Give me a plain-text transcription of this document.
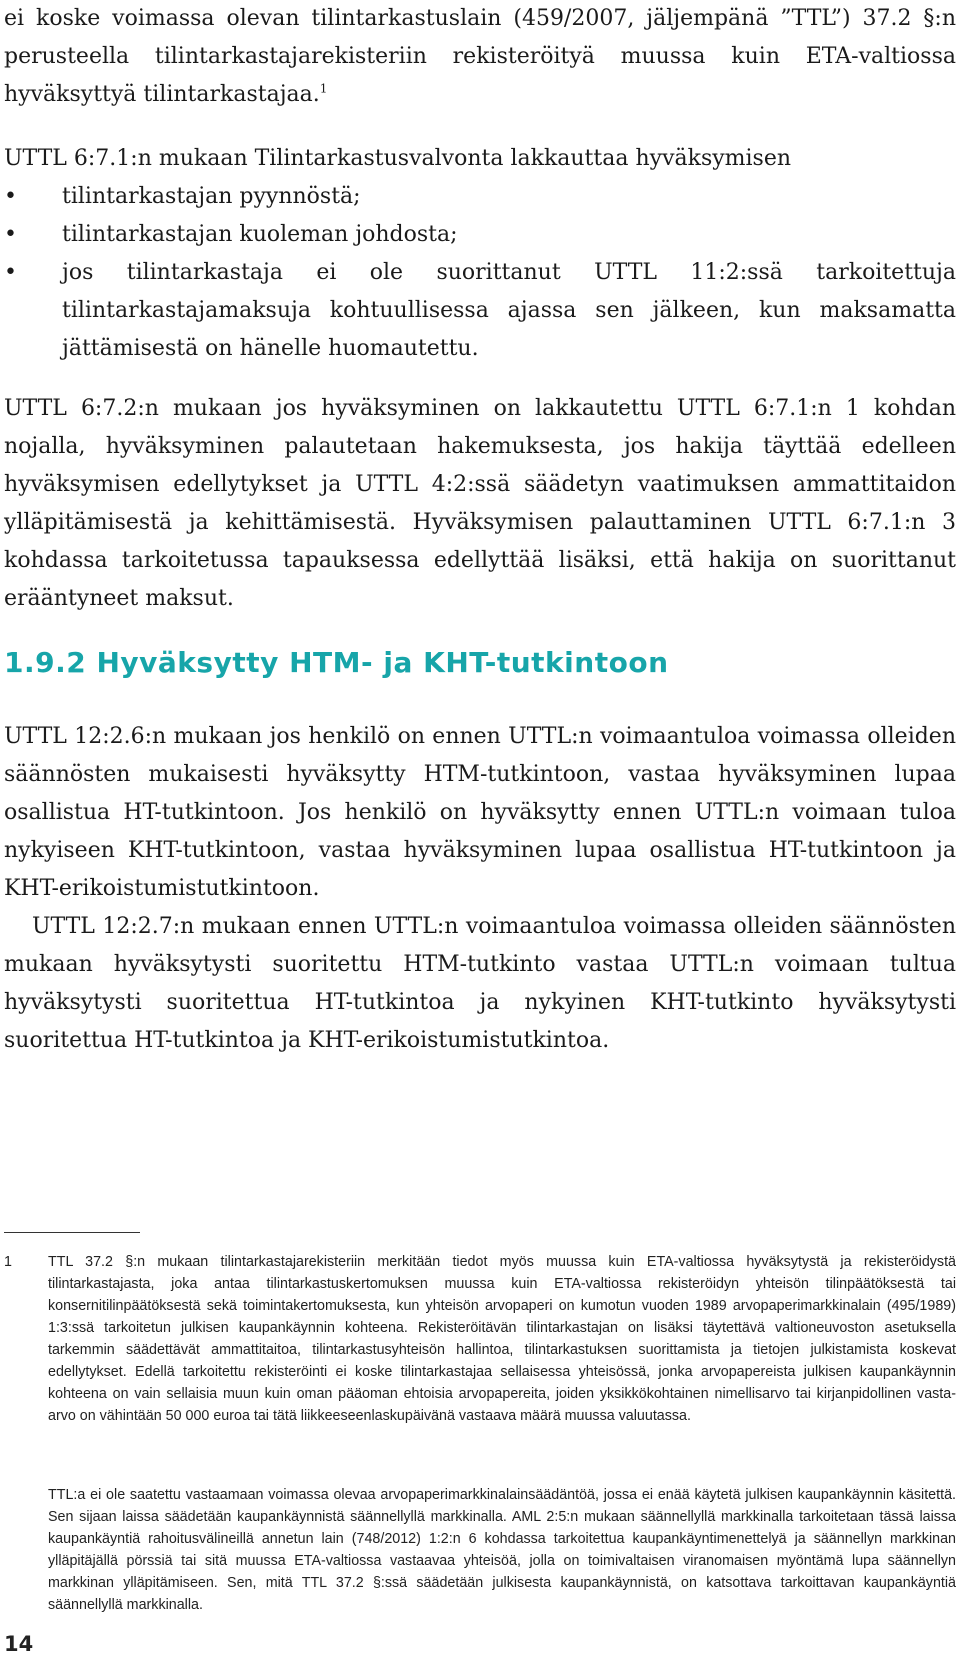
ei koske voimassa olevan tilintarkastuslain (459/2007, jäljempänä ”TTL”) 37.2 §:n perusteella tilintarkastajarekisteriin rekisteröityä muussa kuin ETA-valtiossa hyväksyttyä tilintarkastajaa.$^1$

UTTL 6:7.1:n mukaan Tilintarkastusvalvonta lakkauttaa hyväksymisen

•	tilintarkastajan pyynnöstä;
•	tilintarkastajan kuoleman johdosta;
•	jos tilintarkastaja ei ole suorittanut UTTL 11:2:ssä tarkoitettuja tilintarkastajamaksuja kohtuullisessa ajassa sen jälkeen, kun maksamatta jättämisestä on hänelle huomautettu.

UTTL 6:7.2:n mukaan jos hyväksyminen on lakkautettu UTTL 6:7.1:n 1 kohdan nojalla, hyväksyminen palautetaan hakemuksesta, jos hakija täyttää edelleen hyväksymisen edellytykset ja UTTL 4:2:ssä säädetyn vaatimuksen ammattitaidon ylläpitämisestä ja kehittämisestä. Hyväksymisen palauttaminen UTTL 6:7.1:n 3 kohdassa tarkoitetussa tapauksessa edellyttää lisäksi, että hakija on suorittanut erääntyneet maksut.

1.9.2 Hyväksytty HTM- ja KHT-tutkintoon

UTTL 12:2.6:n mukaan jos henkilö on ennen UTTL:n voimaantuloa voimassa olleiden säännösten mukaisesti hyväksytty HTM-tutkintoon, vastaa hyväksyminen lupaa osallistua HT-tutkintoon. Jos henkilö on hyväksytty ennen UTTL:n voimaan tuloa nykyiseen KHT-tutkintoon, vastaa hyväksyminen lupaa osallistua HT-tutkintoon ja KHT-erikoistumistutkintoon.

UTTL 12:2.7:n mukaan ennen UTTL:n voimaantuloa voimassa olleiden säännösten mukaan hyväksytysti suoritettu HTM-tutkinto vastaa UTTL:n voimaan tultua hyväksytysti suoritettua HT-tutkintoa ja nykyinen KHT-tutkinto hyväksytysti suoritettua HT-tutkintoa ja KHT-erikoistumistutkintoa.

1	TTL 37.2 §:n mukaan tilintarkastajarekisteriin merkitään tiedot myös muussa kuin ETA-valtiossa hyväksytystä ja rekisteröidystä tilintarkastajasta, joka antaa tilintarkastuskertomuksen muussa kuin ETA-valtiossa rekisteröidyn yhteisön tilinpäätöksestä tai konsernitilinpäätöksestä sekä toimintakertomuksesta, kun yhteisön arvopaperi on kumotun vuoden 1989 arvopaperimarkkinalain (495/1989) 1:3:ssä tarkoitetun julkisen kaupankäynnin kohteena. Rekisteröitävän tilintarkastajan on lisäksi täytettävä valtioneuvoston asetuksella tarkemmin säädettävät ammattitaitoa, tilintarkastusyhteisön hallintoa, tilintarkastuksen suorittamista ja tietojen julkistamista koskevat edellytykset. Edellä tarkoitettu rekisteröinti ei koske tilintarkastajaa sellaisessa yhteisössä, jonka arvopapereista julkisen kaupankäynnin kohteena on vain sellaisia muun kuin oman pääoman ehtoisia arvopapereita, joiden yksikkökohtainen nimellisarvo tai kirjanpidollinen vasta-arvo on vähintään 50 000 euroa tai tätä liikkeeseenlaskupäivänä vastaava määrä muussa valuutassa.

TTL:a ei ole saatettu vastaamaan voimassa olevaa arvopaperimarkkinalainsäädäntöä, jossa ei enää käytetä julkisen kaupankäynnin käsitettä. Sen sijaan laissa säädetään kaupankäynnistä säännellyllä markkinalla. AML 2:5:n mukaan säännellyllä markkinalla tarkoitetaan tässä laissa kaupankäyntiä rahoitusvälineillä annetun lain (748/2012) 1:2:n 6 kohdassa tarkoitettua kaupankäyntimenettelyä ja säännellyn markkinan ylläpitäjällä pörssiä tai sitä muussa ETA-valtiossa vastaavaa yhteisöä, jolla on toimivaltaisen viranomaisen myöntämä lupa säännellyn markkinan ylläpitämiseen. Sen, mitä TTL 37.2 §:ssä säädetään julkisesta kaupankäynnistä, on katsottava tarkoittavan kaupankäyntiä säännellyllä markkinalla.

14
